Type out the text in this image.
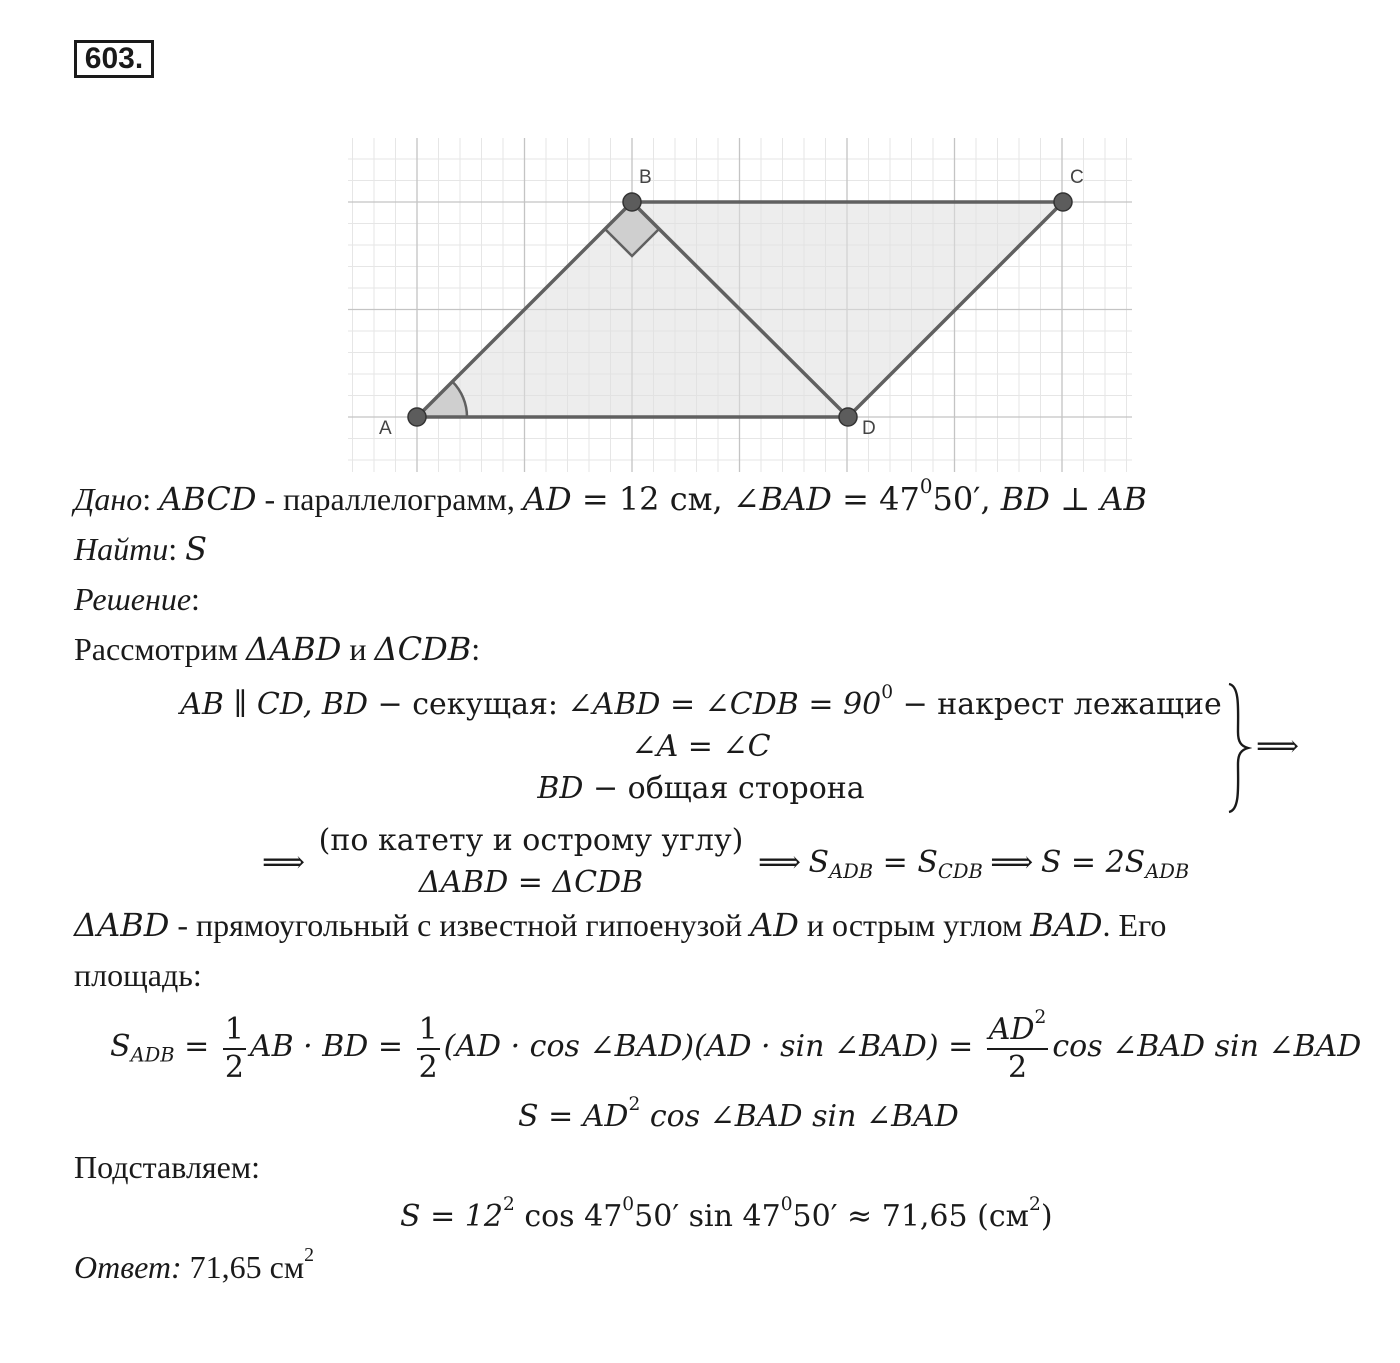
603.
A
B	C
D
Дано: ABCD - параллелограмм, AD = 12 см, ∠BAD = $47^050'$, BD ⊥ AB
Найти: S
Решение:
Рассмотрим ΔABD и ΔCDB:
AB ∥ CD, BD − секущая: ∠ABD = ∠CDB = $90^0$ − накрест лежащие
∠A = ∠C
BD − общая сторона
⟹
⟹
(по катету и острому углу)
ΔABD = ΔCDB
⟹ $S_{ADB} = S_{CDB}$ ⟹ $S = 2S_{ADB}$
ΔABD - прямоугольный с известной гипоенузой AD и острым углом BAD. Его
площадь:
$S_{ADB} = \frac{1}{2}$ AB · BD = $\frac{1}{2} (AD \cdot \cos$ ∠BAD)(AD · sin ∠BAD) = $\frac{AD^2}{2}$ cos ∠BAD sin ∠BAD
$S = AD^2$ cos ∠BAD sin ∠BAD
Подставляем:
$S = 12^2$ $\cos 47^050'$ $\sin 47^050' \approx 71,65$ $(см^2)$
Ответ: 71,65 $см^2$
